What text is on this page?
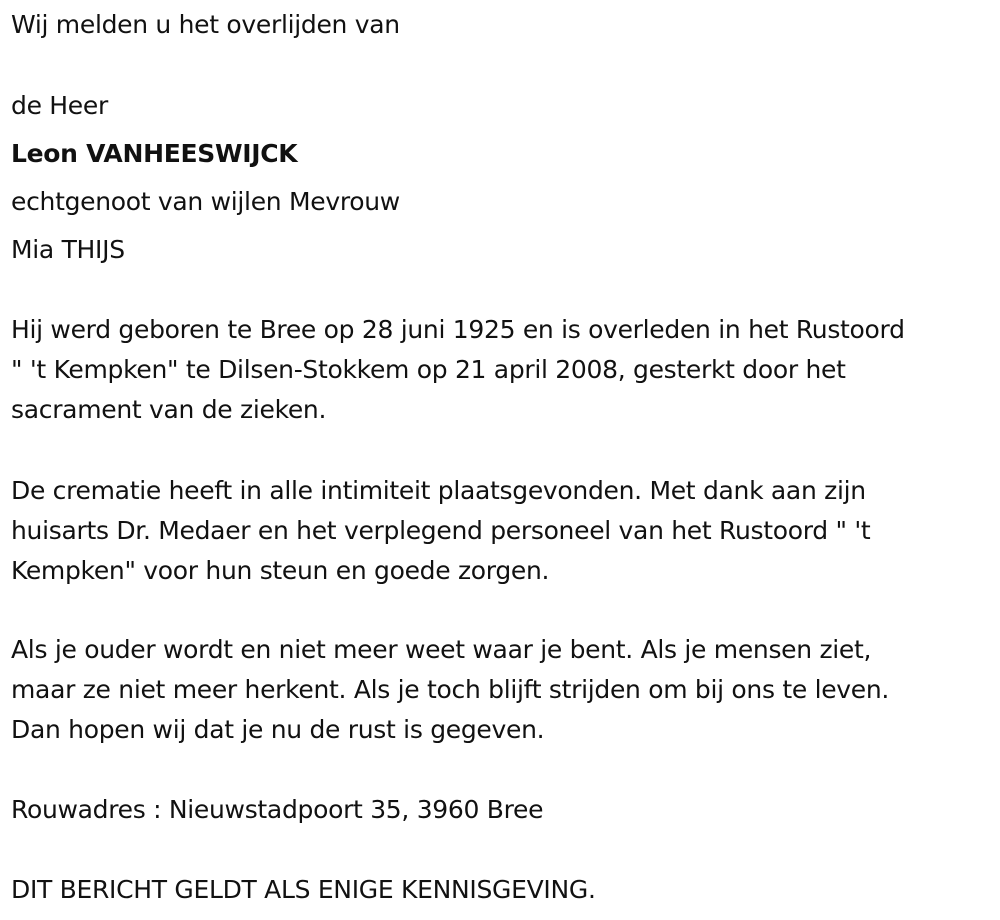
Wij melden u het overlijden van
de Heer
Leon VANHEESWIJCK
echtgenoot van wijlen Mevrouw
Mia THIJS
Hij werd geboren te Bree op 28 juni 1925 en is overleden in het Rustoord
" 't Kempken" te Dilsen-Stokkem op 21 april 2008, gesterkt door het
sacrament van de zieken.
De crematie heeft in alle intimiteit plaatsgevonden. Met dank aan zijn
huisarts Dr. Medaer en het verplegend personeel van het Rustoord " 't
Kempken" voor hun steun en goede zorgen.
Als je ouder wordt en niet meer weet waar je bent. Als je mensen ziet,
maar ze niet meer herkent. Als je toch blijft strijden om bij ons te leven.
Dan hopen wij dat je nu de rust is gegeven.
Rouwadres : Nieuwstadpoort 35, 3960 Bree
DIT BERICHT GELDT ALS ENIGE KENNISGEVING.
